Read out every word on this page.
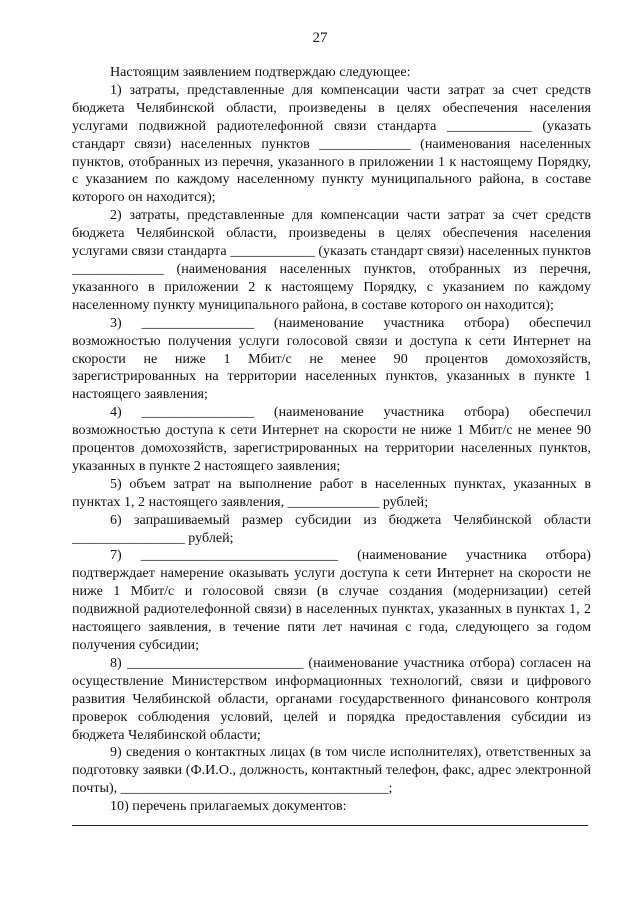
27

Настоящим заявлением подтверждаю следующее:

1) затраты, представленные для компенсации части затрат за счет средств бюджета Челябинской области, произведены в целях обеспечения населения услугами подвижной радиотелефонной связи стандарта ____________ (указать стандарт связи) населенных пунктов _____________ (наименования населенных пунктов, отобранных из перечня, указанного в приложении 1 к настоящему Порядку, с указанием по каждому населенному пункту муниципального района, в составе которого он находится);

2) затраты, представленные для компенсации части затрат за счет средств бюджета Челябинской области, произведены в целях обеспечения населения услугами связи стандарта ____________ (указать стандарт связи) населенных пунктов _____________ (наименования населенных пунктов, отобранных из перечня, указанного в приложении 2 к настоящему Порядку, с указанием по каждому населенному пункту муниципального района, в составе которого он находится);

3) ________________ (наименование участника отбора) обеспечил возможностью получения услуги голосовой связи и доступа к сети Интернет на скорости не ниже 1 Мбит/с не менее 90 процентов домохозяйств, зарегистрированных на территории населенных пунктов, указанных в пункте 1 настоящего заявления;

4) ________________ (наименование участника отбора) обеспечил возможностью доступа к сети Интернет на скорости не ниже 1 Мбит/с не менее 90 процентов домохозяйств, зарегистрированных на территории населенных пунктов, указанных в пункте 2 настоящего заявления;

5) объем затрат на выполнение работ в населенных пунктах, указанных в пунктах 1, 2 настоящего заявления, _____________ рублей;

6) запрашиваемый размер субсидии из бюджета Челябинской области ________________ рублей;

7) ____________________________ (наименование участника отбора) подтверждает намерение оказывать услуги доступа к сети Интернет на скорости не ниже 1 Мбит/с и голосовой связи (в случае создания (модернизации) сетей подвижной радиотелефонной связи) в населенных пунктах, указанных в пунктах 1, 2 настоящего заявления, в течение пяти лет начиная с года, следующего за годом получения субсидии;

8) _________________________ (наименование участника отбора) согласен на осуществление Министерством информационных технологий, связи и цифрового развития Челябинской области, органами государственного финансового контроля проверок соблюдения условий, целей и порядка предоставления субсидии из бюджета Челябинской области;

9) сведения о контактных лицах (в том числе исполнителях), ответственных за подготовку заявки (Ф.И.О., должность, контактный телефон, факс, адрес электронной почты), ______________________________________;

10) перечень прилагаемых документов:
